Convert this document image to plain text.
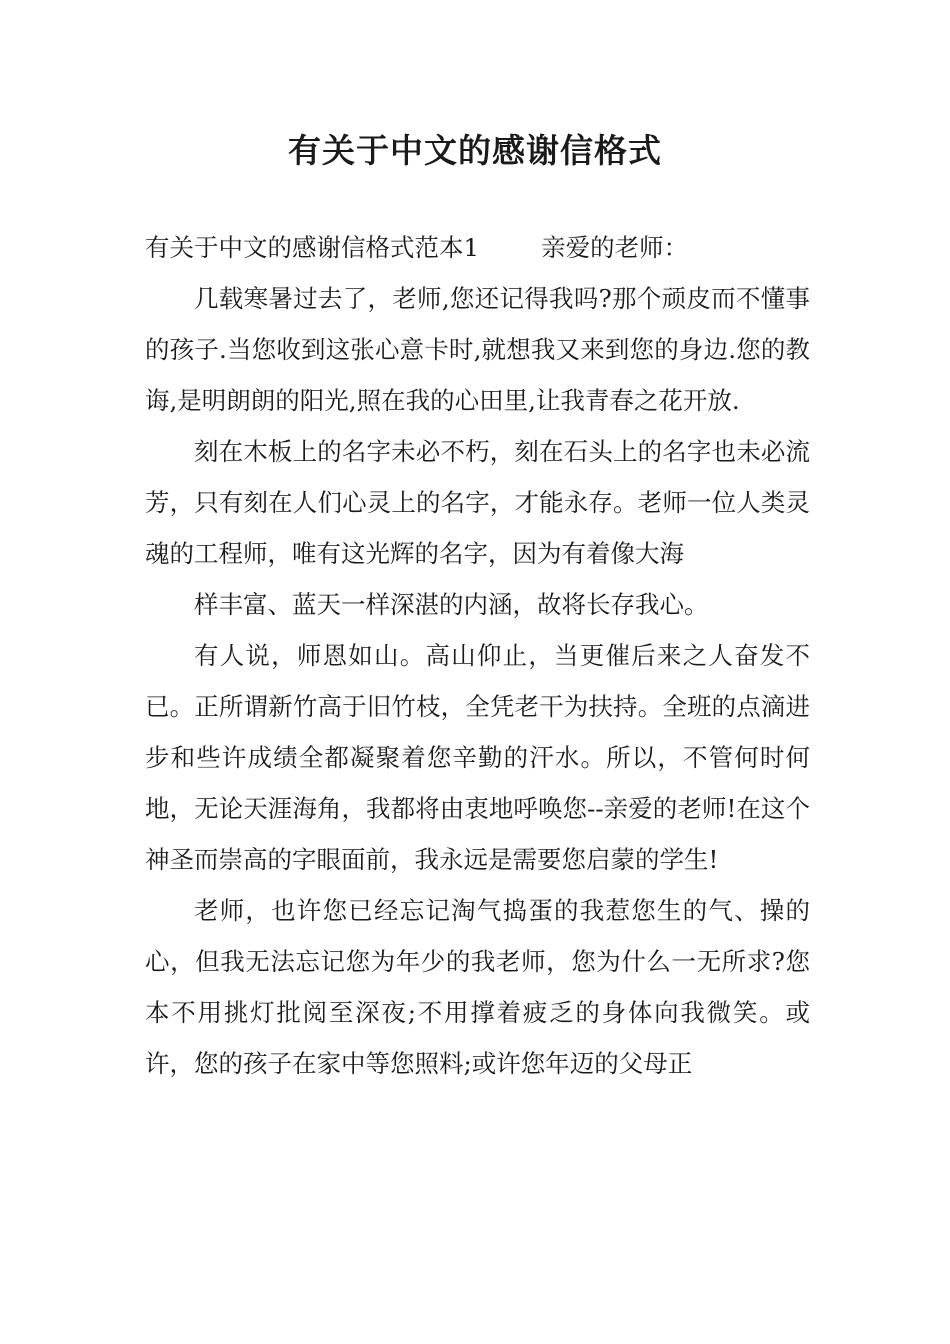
有关于中文的感谢信格式

有关于中文的感谢信格式范本1	亲爱的老师：

几载寒暑过去了，老师,您还记得我吗?那个顽皮而不懂事的孩子.当您收到这张心意卡时,就想我又来到您的身边.您的教诲,是明朗朗的阳光,照在我的心田里,让我青春之花开放.

刻在木板上的名字未必不朽，刻在石头上的名字也未必流芳，只有刻在人们心灵上的名字，才能永存。老师一位人类灵魂的工程师，唯有这光辉的名字，因为有着像大海

样丰富、蓝天一样深湛的内涵，故将长存我心。

有人说，师恩如山。高山仰止，当更催后来之人奋发不已。正所谓新竹高于旧竹枝，全凭老干为扶持。全班的点滴进步和些许成绩全都凝聚着您辛勤的汗水。所以，不管何时何地，无论天涯海角，我都将由衷地呼唤您--亲爱的老师!在这个神圣而崇高的字眼面前，我永远是需要您启蒙的学生!

老师，也许您已经忘记淘气捣蛋的我惹您生的气、操的心，但我无法忘记您为年少的我老师，您为什么一无所求?您本不用挑灯批阅至深夜;不用撑着疲乏的身体向我微笑。或许，您的孩子在家中等您照料;或许您年迈的父母正
